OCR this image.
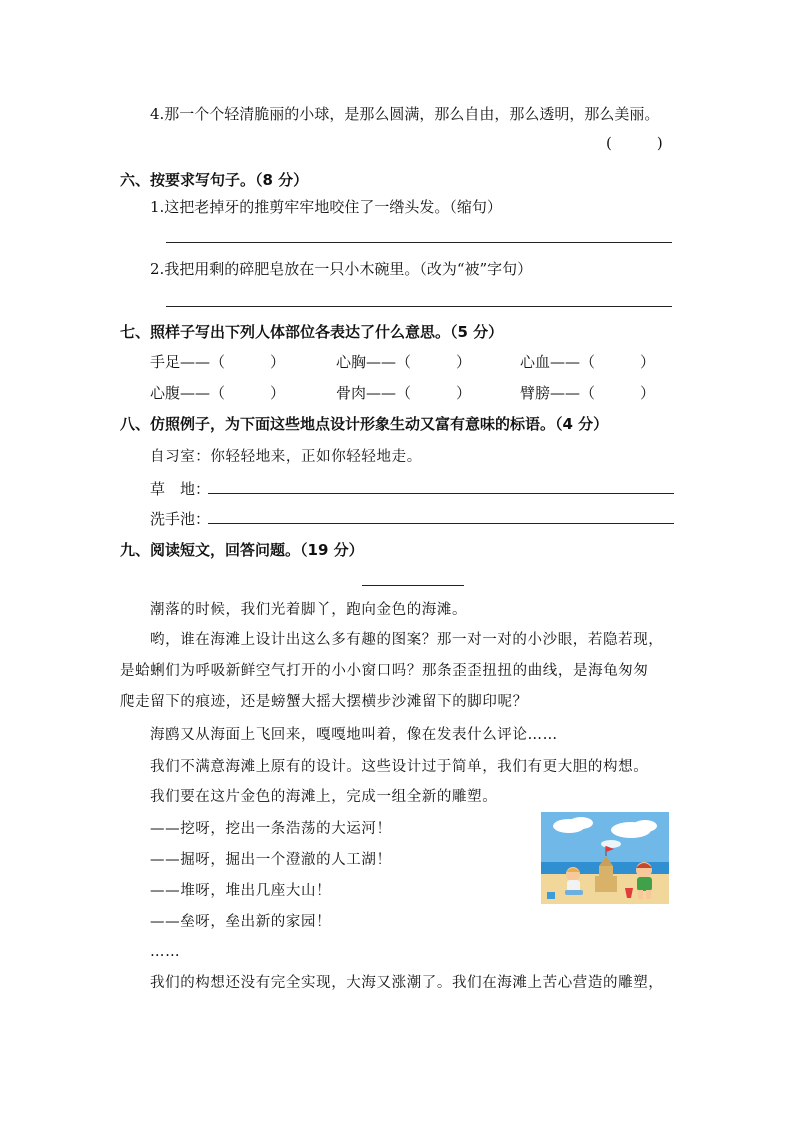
4.那一个个轻清脆丽的小球，是那么圆满，那么自由，那么透明，那么美丽。
(　　　)
六、按要求写句子。（8 分）
1.这把老掉牙的推剪牢牢地咬住了一绺头发。（缩句）
2.我把用剩的碎肥皂放在一只小木碗里。（改为“被”字句）
七、照样子写出下列人体部位各表达了什么意思。（5 分）
手足——（　　　）	心胸——（　　　）	心血——（　　　）
心腹——（　　　）	骨肉——（　　　）	臂膀——（　　　）
八、仿照例子，为下面这些地点设计形象生动又富有意味的标语。（4 分）
自习室：你轻轻地来，正如你轻轻地走。
草　地：
洗手池：
九、阅读短文，回答问题。（19 分）
潮落的时候，我们光着脚丫，跑向金色的海滩。
哟，谁在海滩上设计出这么多有趣的图案？那一对一对的小沙眼，若隐若现，
是蛤蜊们为呼吸新鲜空气打开的小小窗口吗？那条歪歪扭扭的曲线，是海龟匆匆
爬走留下的痕迹，还是螃蟹大摇大摆横步沙滩留下的脚印呢？
海鸥又从海面上飞回来，嘎嘎地叫着，像在发表什么评论……
我们不满意海滩上原有的设计。这些设计过于简单，我们有更大胆的构想。
我们要在这片金色的海滩上，完成一组全新的雕塑。
——挖呀，挖出一条浩荡的大运河！
——掘呀，掘出一个澄澈的人工湖！
——堆呀，堆出几座大山！
——垒呀，垒出新的家园！
……
我们的构想还没有完全实现，大海又涨潮了。我们在海滩上苦心营造的雕塑，
